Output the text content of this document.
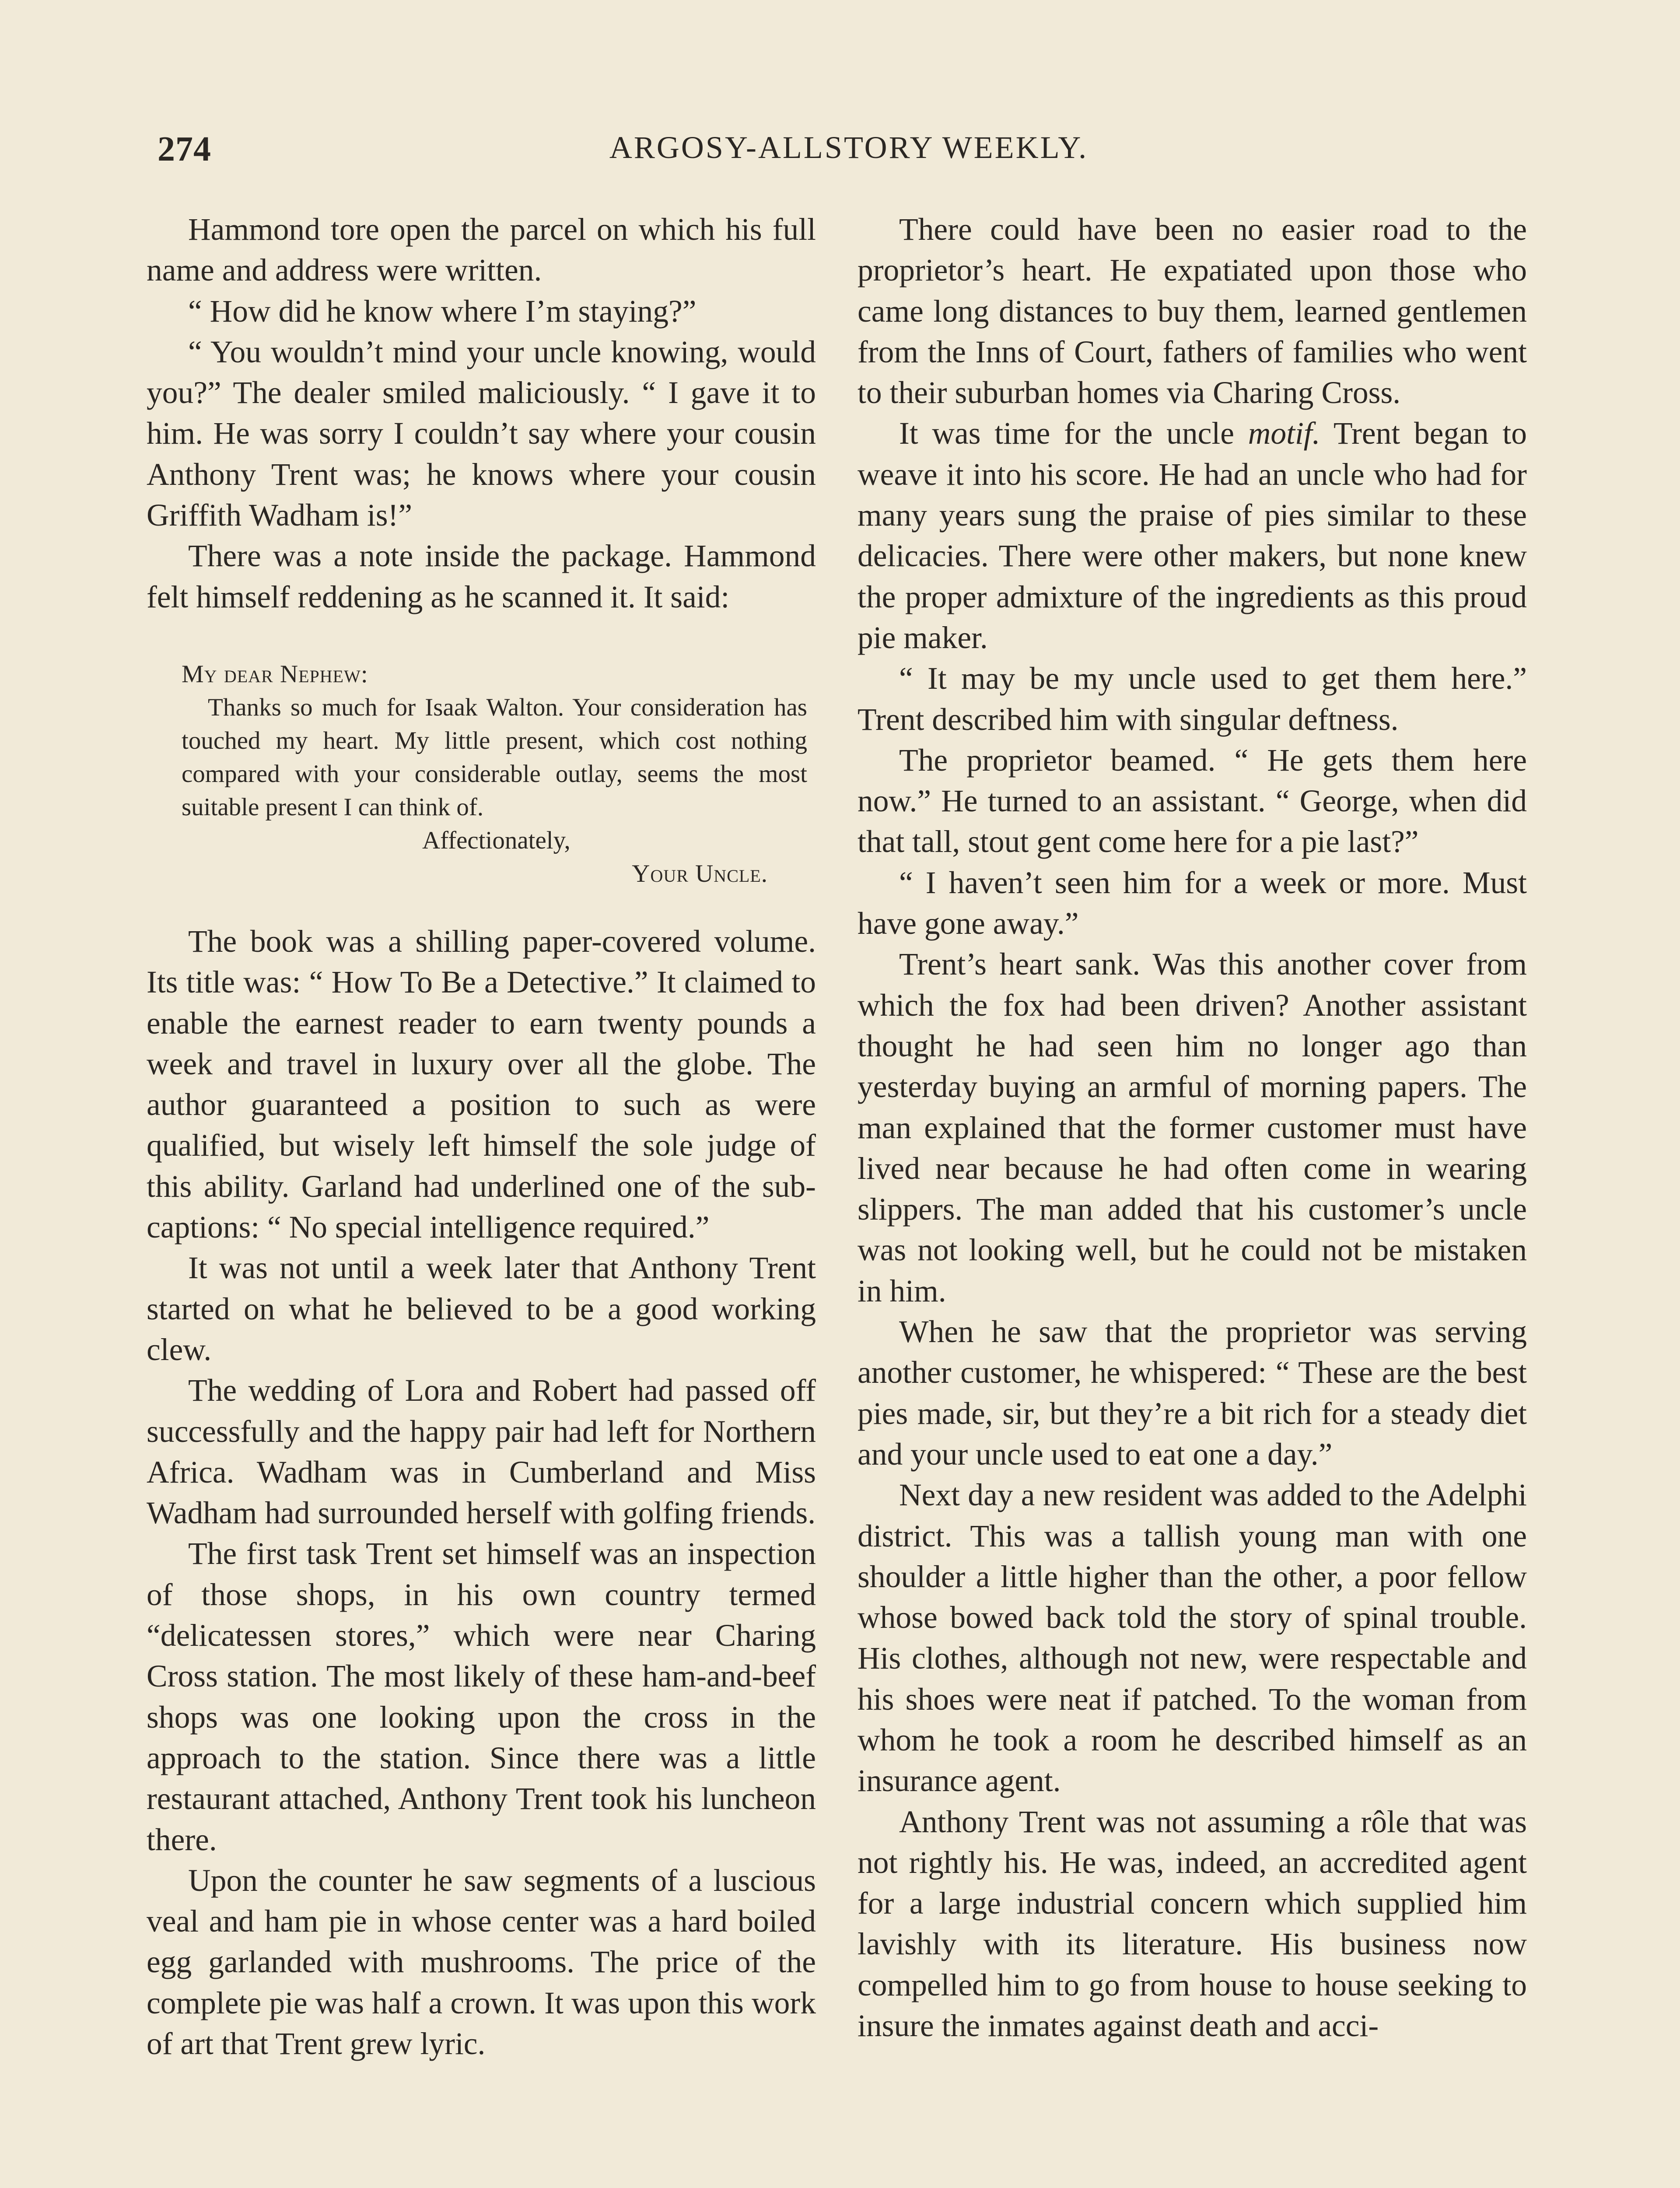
274	ARGOSY-ALLSTORY WEEKLY.

Hammond tore open the parcel on which his full name and address were written.

“ How did he know where I’m staying?”

“ You wouldn’t mind your uncle knowing, would you?” The dealer smiled maliciously. “ I gave it to him. He was sorry I couldn’t say where your cousin Anthony Trent was; he knows where your cousin Griffith Wadham is!”

There was a note inside the package. Hammond felt himself reddening as he scanned it. It said:

My dear Nephew:

Thanks so much for Isaak Walton. Your consideration has touched my heart. My little present, which cost nothing compared with your considerable outlay, seems the most suitable present I can think of.

Affectionately,

Your Uncle.

The book was a shilling paper-covered volume. Its title was: “ How To Be a Detective.” It claimed to enable the earnest reader to earn twenty pounds a week and travel in luxury over all the globe. The author guaranteed a position to such as were qualified, but wisely left himself the sole judge of this ability. Garland had underlined one of the sub-captions: “ No special intelligence required.”

It was not until a week later that Anthony Trent started on what he believed to be a good working clew.

The wedding of Lora and Robert had passed off successfully and the happy pair had left for Northern Africa. Wadham was in Cumberland and Miss Wadham had surrounded herself with golfing friends.

The first task Trent set himself was an inspection of those shops, in his own country termed “delicatessen stores,” which were near Charing Cross station. The most likely of these ham-and-beef shops was one looking upon the cross in the approach to the station. Since there was a little restaurant attached, Anthony Trent took his luncheon there.

Upon the counter he saw segments of a luscious veal and ham pie in whose center was a hard boiled egg garlanded with mushrooms. The price of the complete pie was half a crown. It was upon this work of art that Trent grew lyric.

There could have been no easier road to the proprietor’s heart. He expatiated upon those who came long distances to buy them, learned gentlemen from the Inns of Court, fathers of families who went to their suburban homes via Charing Cross.

It was time for the uncle motif. Trent began to weave it into his score. He had an uncle who had for many years sung the praise of pies similar to these delicacies. There were other makers, but none knew the proper admixture of the ingredients as this proud pie maker.

“ It may be my uncle used to get them here.” Trent described him with singular deftness.

The proprietor beamed. “ He gets them here now.” He turned to an assistant. “ George, when did that tall, stout gent come here for a pie last?”

“ I haven’t seen him for a week or more. Must have gone away.”

Trent’s heart sank. Was this another cover from which the fox had been driven? Another assistant thought he had seen him no longer ago than yesterday buying an armful of morning papers. The man explained that the former customer must have lived near because he had often come in wearing slippers. The man added that his customer’s uncle was not looking well, but he could not be mistaken in him.

When he saw that the proprietor was serving another customer, he whispered: “ These are the best pies made, sir, but they’re a bit rich for a steady diet and your uncle used to eat one a day.”

Next day a new resident was added to the Adelphi district. This was a tallish young man with one shoulder a little higher than the other, a poor fellow whose bowed back told the story of spinal trouble. His clothes, although not new, were respectable and his shoes were neat if patched. To the woman from whom he took a room he described himself as an insurance agent.

Anthony Trent was not assuming a rôle that was not rightly his. He was, indeed, an accredited agent for a large industrial concern which supplied him lavishly with its literature. His business now compelled him to go from house to house seeking to insure the inmates against death and acci-
